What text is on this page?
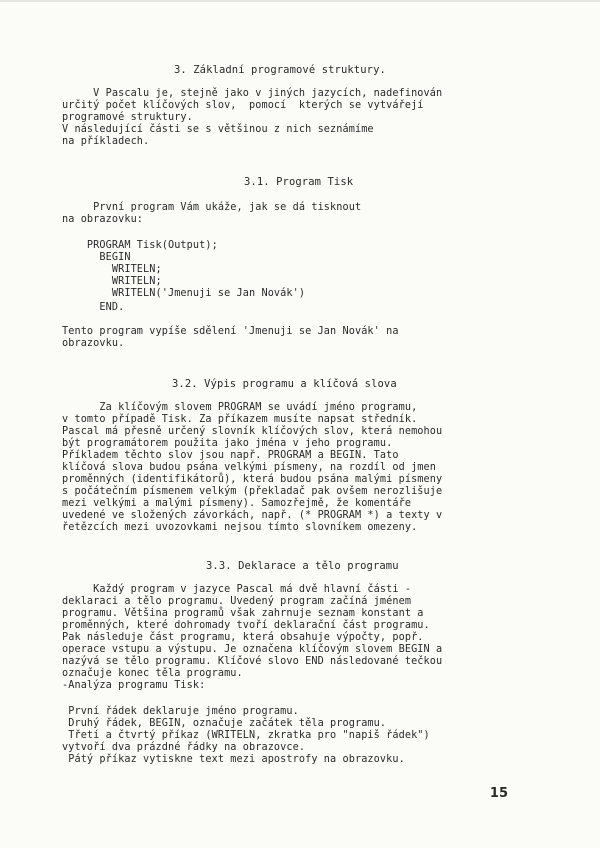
3. Základní programové struktury.
V Pascalu je, stejně jako v jiných jazycích, nadefinován
určitý počet klíčových slov,  pomocí  kterých se vytvářejí
programové struktury.
V následující části se s většinou z nich seznámíme
na příkladech.
3.1. Program Tisk
První program Vám ukáže, jak se dá tisknout
na obrazovku:
PROGRAM Tisk(Output);
BEGIN
WRITELN;
WRITELN;
WRITELN('Jmenuji se Jan Novák')
END.
Tento program vypíše sdělení 'Jmenuji se Jan Novák' na
obrazovku.
3.2. Výpis programu a klíčová slova
Za klíčovým slovem PROGRAM se uvádí jméno programu,
v tomto případě Tisk. Za příkazem musíte napsat středník.
Pascal má přesně určený slovník klíčových slov, která nemohou
být programátorem použita jako jména v jeho programu.
Příkladem těchto slov jsou např. PROGRAM a BEGIN. Tato
klíčová slova budou psána velkými písmeny, na rozdíl od jmen
proměnných (identifikátorů), která budou psána malými písmeny
s počátečním písmenem velkým (překladač pak ovšem nerozlišuje
mezi velkými a malými písmeny). Samozřejmě, že komentáře
uvedené ve složených závorkách, např. (* PROGRAM *) a texty v
řetězcích mezi uvozovkami nejsou tímto slovníkem omezeny.
3.3. Deklarace a tělo programu
Každý program v jazyce Pascal má dvě hlavní části -
deklaraci a tělo programu. Uvedený program začíná jménem
programu. Většina programů však zahrnuje seznam konstant a
proměnných, které dohromady tvoří deklarační část programu.
Pak následuje část programu, která obsahuje výpočty, popř.
operace vstupu a výstupu. Je označena klíčovým slovem BEGIN a
nazývá se tělo programu. Klíčové slovo END následované tečkou
označuje konec těla programu.
-Analýza programu Tisk:
První řádek deklaruje jméno programu.
Druhý řádek, BEGIN, označuje začátek těla programu.
Třetí a čtvrtý příkaz (WRITELN, zkratka pro "napiš řádek")
vytvoří dva prázdné řádky na obrazovce.
Pátý příkaz vytiskne text mezi apostrofy na obrazovku.
15
